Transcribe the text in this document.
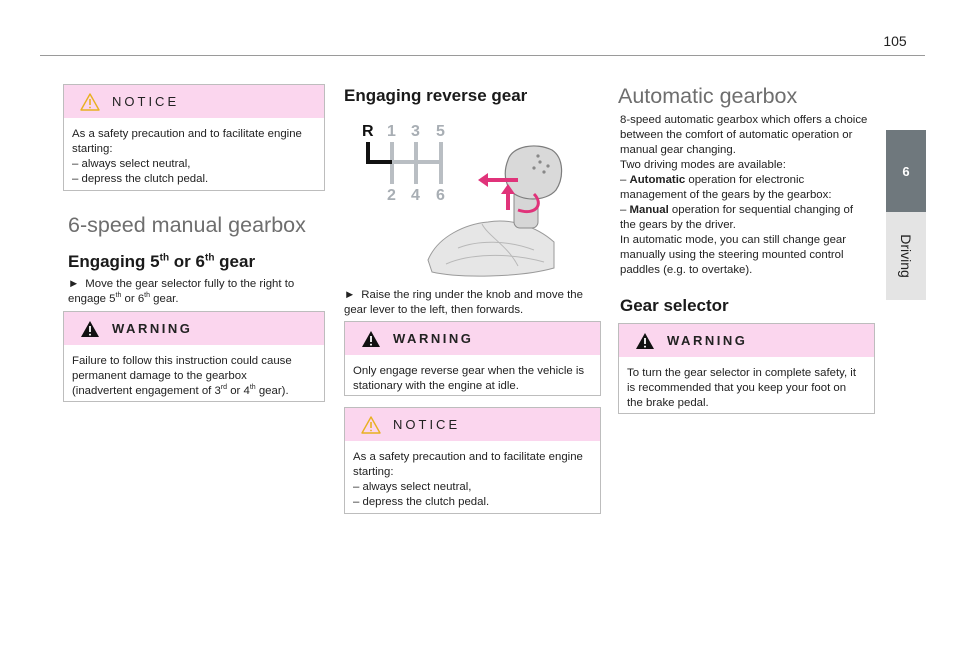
105
6
Driving
NOTICE
As a safety precaution and to facilitate engine
starting:
– always select neutral,
– depress the clutch pedal.
6-speed manual gearbox
Engaging 5th or 6th gear
► Move the gear selector fully to the right to
engage 5th or 6th gear.
WARNING
Failure to follow this instruction could cause
permanent damage to the gearbox
(inadvertent engagement of 3rd or 4th gear).
Engaging reverse gear
R 1 3 5
2 4 6
► Raise the ring under the knob and move the
gear lever to the left, then forwards.
WARNING
Only engage reverse gear when the vehicle is
stationary with the engine at idle.
NOTICE
As a safety precaution and to facilitate engine
starting:
– always select neutral,
– depress the clutch pedal.
Automatic gearbox
8-speed automatic gearbox which offers a choice
between the comfort of automatic operation or
manual gear changing.
Two driving modes are available:
– Automatic operation for electronic
management of the gears by the gearbox:
– Manual operation for sequential changing of
the gears by the driver.
In automatic mode, you can still change gear
manually using the steering mounted control
paddles (e.g. to overtake).
Gear selector
WARNING
To turn the gear selector in complete safety, it
is recommended that you keep your foot on
the brake pedal.
